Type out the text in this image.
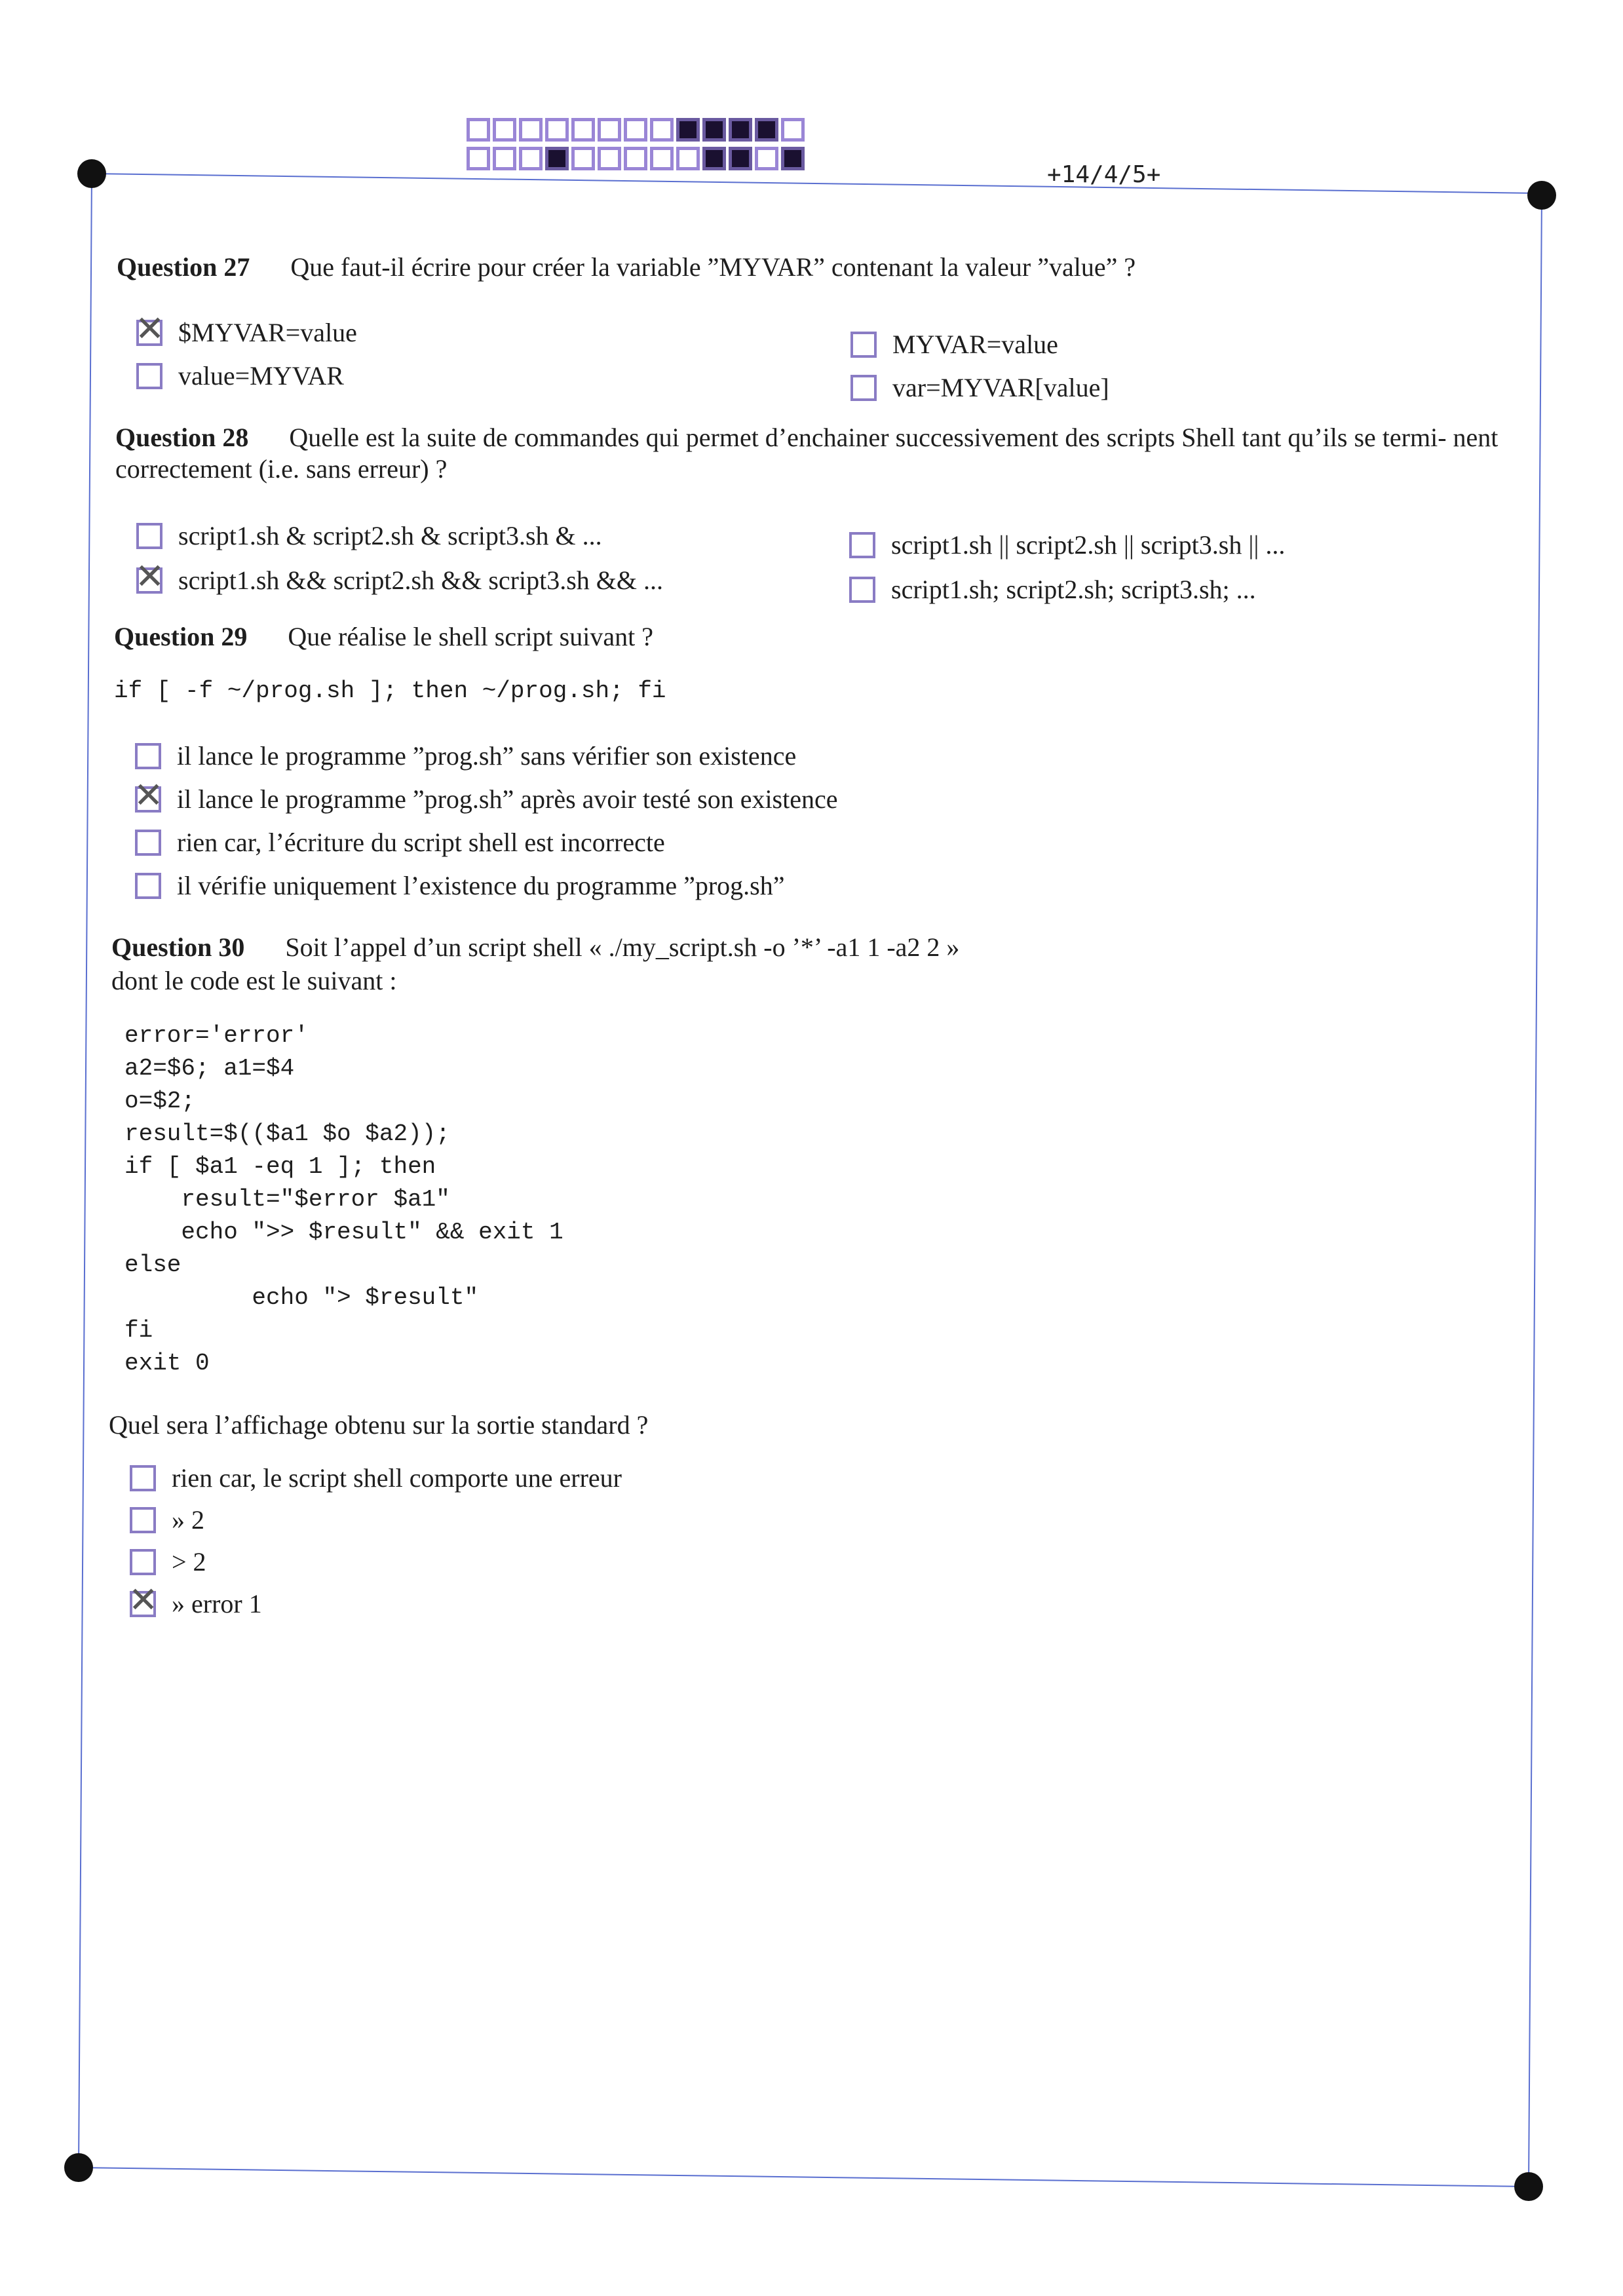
+14/4/5+
Question 27 Que faut-il écrire pour créer la variable ”MYVAR” contenant la valeur ”value” ?
✕
$MYVAR=value
value=MYVAR
MYVAR=value
var=MYVAR[value]
Question 28 Quelle est la suite de commandes qui permet d’enchainer successivement des scripts Shell tant qu’ils se termi- nent correctement (i.e. sans erreur) ?
script1.sh & script2.sh & script3.sh & ...
✕
script1.sh && script2.sh && script3.sh && ...
script1.sh || script2.sh || script3.sh || ...
script1.sh; script2.sh; script3.sh; ...
Question 29 Que réalise le shell script suivant ?
if [ -f ~/prog.sh ]; then ~/prog.sh; fi
il lance le programme ”prog.sh” sans vérifier son existence
✕
il lance le programme ”prog.sh” après avoir testé son existence
rien car, l’écriture du script shell est incorrecte
il vérifie uniquement l’existence du programme ”prog.sh”
Question 30 Soit l’appel d’un script shell « ./my_script.sh -o ’*’ -a1 1 -a2 2 »
dont le code est le suivant :
error='error'
a2=$6; a1=$4
o=$2;
result=$(($a1 $o $a2));
if [ $a1 -eq 1 ]; then
result="$error $a1"
echo ">> $result" && exit 1
else
echo "> $result"
fi
exit 0
Quel sera l’affichage obtenu sur la sortie standard ?
rien car, le script shell comporte une erreur
» 2
> 2
✕
» error 1
